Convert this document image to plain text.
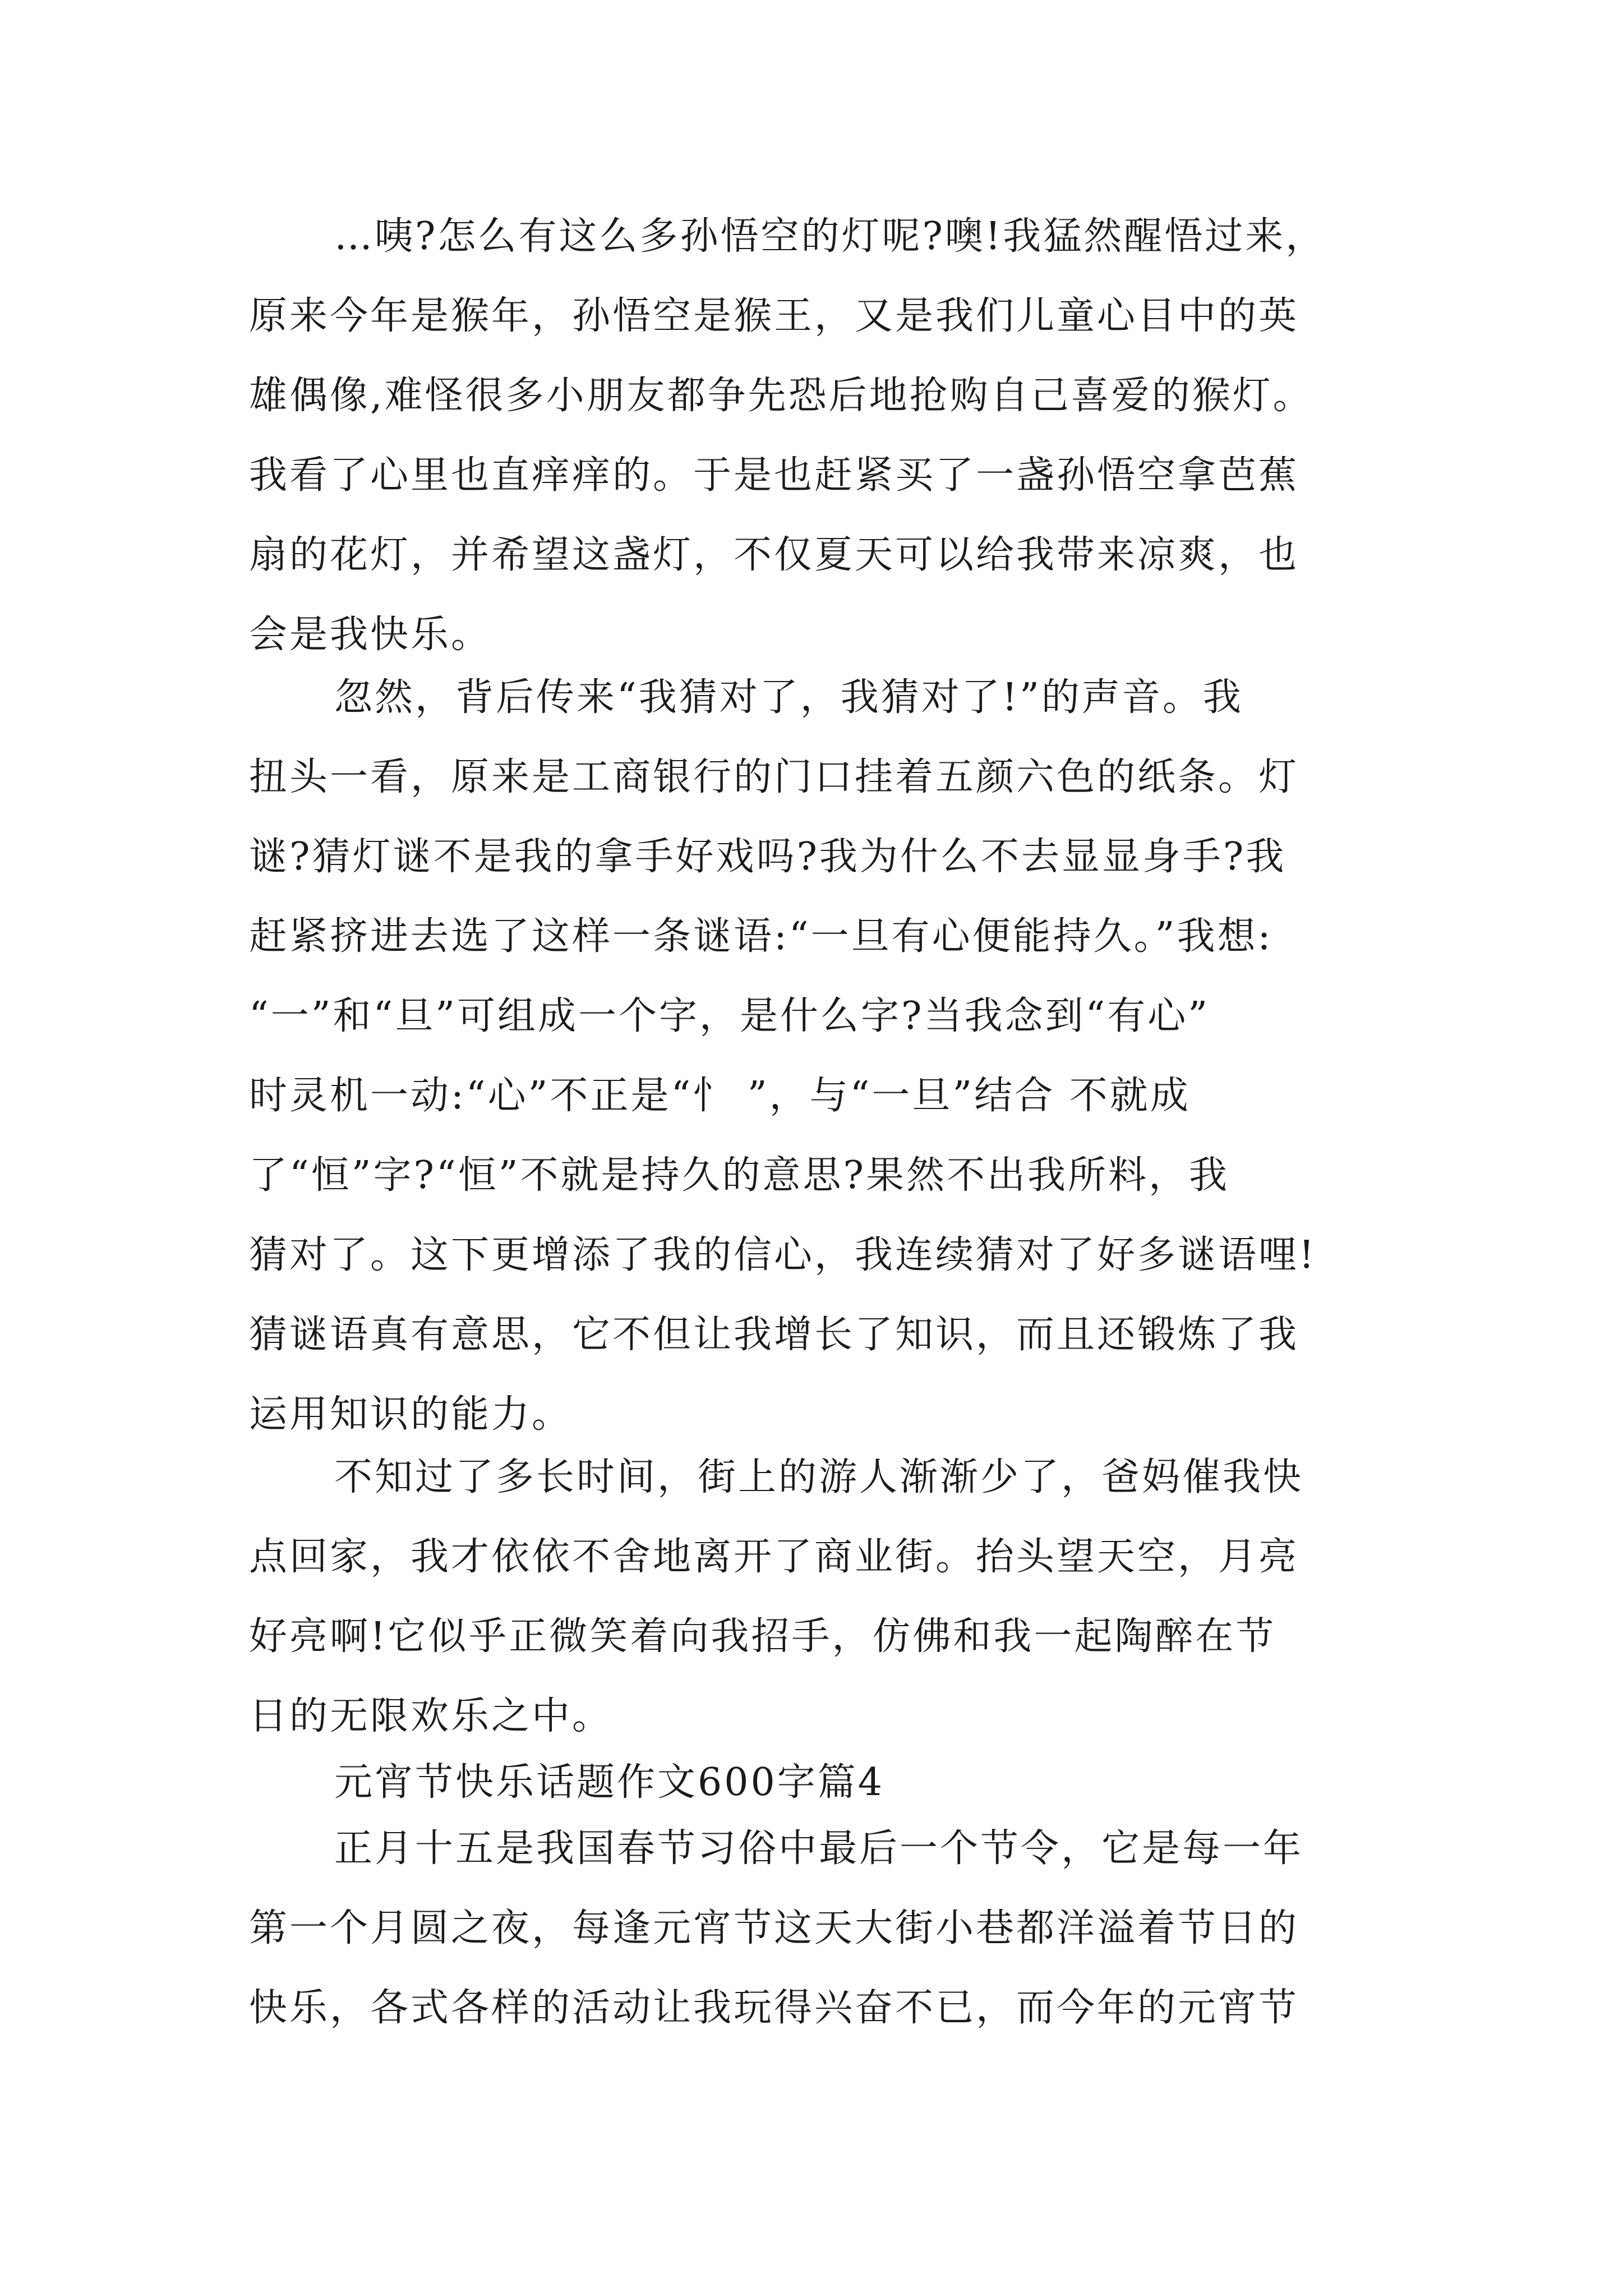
…咦?怎么有这么多孙悟空的灯呢?噢!我猛然醒悟过来，
原来今年是猴年，孙悟空是猴王，又是我们儿童心目中的英
雄偶像,难怪很多小朋友都争先恐后地抢购自己喜爱的猴灯。
我看了心里也直痒痒的。于是也赶紧买了一盏孙悟空拿芭蕉
扇的花灯，并希望这盏灯，不仅夏天可以给我带来凉爽，也
会是我快乐。
忽然，背后传来“我猜对了，我猜对了!”的声音。我
扭头一看，原来是工商银行的门口挂着五颜六色的纸条。灯
谜?猜灯谜不是我的拿手好戏吗?我为什么不去显显身手?我
赶紧挤进去选了这样一条谜语:“一旦有心便能持久。”我想:
“一”和“旦”可组成一个字，是什么字?当我念到“有心”
时灵机一动:“心”不正是“忄 ”，与“一旦”结合 不就成
了“恒”字?“恒”不就是持久的意思?果然不出我所料，我
猜对了。这下更增添了我的信心，我连续猜对了好多谜语哩!
猜谜语真有意思，它不但让我增长了知识，而且还锻炼了我
运用知识的能力。
不知过了多长时间，街上的游人渐渐少了，爸妈催我快
点回家，我才依依不舍地离开了商业街。抬头望天空，月亮
好亮啊!它似乎正微笑着向我招手，仿佛和我一起陶醉在节
日的无限欢乐之中。
元宵节快乐话题作文600字篇4
正月十五是我国春节习俗中最后一个节令，它是每一年
第一个月圆之夜，每逢元宵节这天大街小巷都洋溢着节日的
快乐，各式各样的活动让我玩得兴奋不已，而今年的元宵节
